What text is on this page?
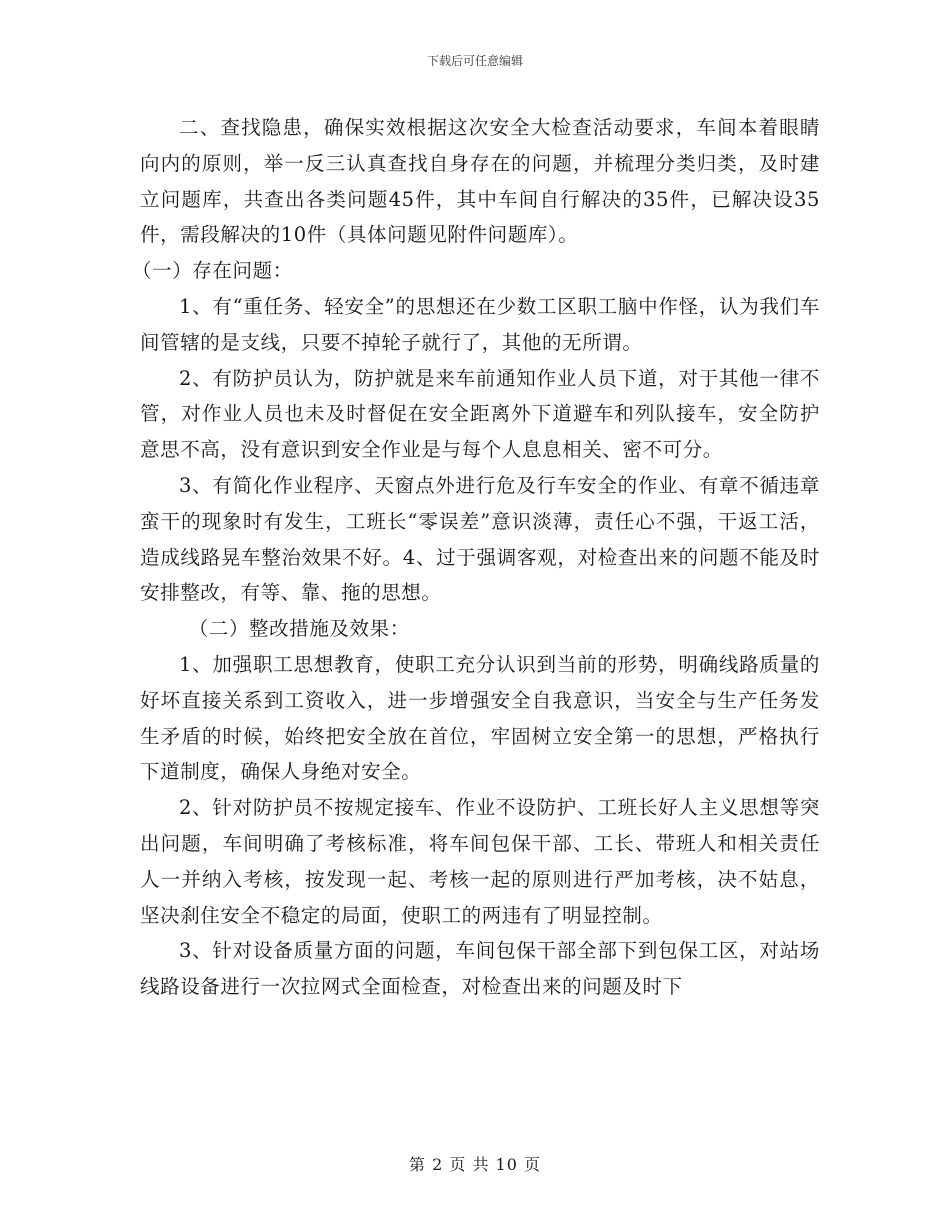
下载后可任意编辑

二、查找隐患，确保实效根据这次安全大检查活动要求，车间本着眼睛向内的原则，举一反三认真查找自身存在的问题，并梳理分类归类，及时建立问题库，共查出各类问题45件，其中车间自行解决的35件，已解决设35件，需段解决的10件（具体问题见附件问题库）。

（一）存在问题：

1、有“重任务、轻安全”的思想还在少数工区职工脑中作怪，认为我们车间管辖的是支线，只要不掉轮子就行了，其他的无所谓。

2、有防护员认为，防护就是来车前通知作业人员下道，对于其他一律不管，对作业人员也未及时督促在安全距离外下道避车和列队接车，安全防护意思不高，没有意识到安全作业是与每个人息息相关、密不可分。

3、有简化作业程序、天窗点外进行危及行车安全的作业、有章不循违章蛮干的现象时有发生，工班长“零误差”意识淡薄，责任心不强，干返工活，造成线路晃车整治效果不好。4、过于强调客观，对检查出来的问题不能及时安排整改，有等、靠、拖的思想。

（二）整改措施及效果：

1、加强职工思想教育，使职工充分认识到当前的形势，明确线路质量的好坏直接关系到工资收入，进一步增强安全自我意识，当安全与生产任务发生矛盾的时候，始终把安全放在首位，牢固树立安全第一的思想，严格执行下道制度，确保人身绝对安全。

2、针对防护员不按规定接车、作业不设防护、工班长好人主义思想等突出问题，车间明确了考核标准，将车间包保干部、工长、带班人和相关责任人一并纳入考核，按发现一起、考核一起的原则进行严加考核，决不姑息，坚决刹住安全不稳定的局面，使职工的两违有了明显控制。

3、针对设备质量方面的问题，车间包保干部全部下到包保工区，对站场线路设备进行一次拉网式全面检查，对检查出来的问题及时下

第 2 页 共 10 页
